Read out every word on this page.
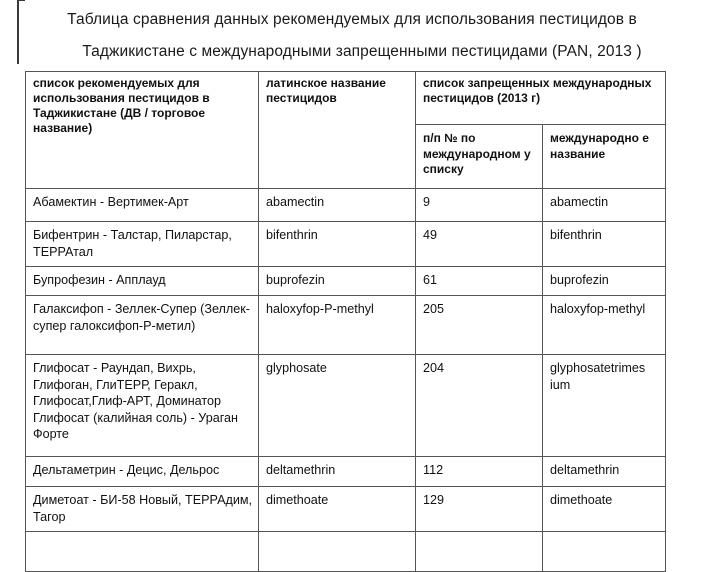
Таблица сравнения данных рекомендуемых для использования пестицидов в
Таджикистане с международными запрещенными пестицидами (PAN, 2013 )
список рекомендуемых для использования пестицидов в Таджикистане (ДВ / торговое название)	латинское название пестицидов	список запрещенных международных пестицидов (2013 г)	
		п/п № по международном у списку	международно е название
Абамектин - Вертимек-Арт	abamectin	9	abamectin
Бифентрин - Талстар, Пиларстар, ТЕРРАтал	bifenthrin	49	bifenthrin
Бупрофезин - Апплауд	buprofezin	61	buprofezin
Галаксифоп - Зеллек-Супер (Зеллек-супер галоксифоп-Р-метил)	haloxyfop-P-methyl	205	haloxyfop-methyl
Глифосат - Раундап, Вихрь, Глифоган, ГлиТЕРР, Геракл, Глифосат,Глиф-АРТ, Доминатор Глифосат (калийная соль) - Ураган Форте	glyphosate	204	glyphosatetrimes ium
Дельтаметрин - Децис, Дельрос	deltamethrin	112	deltamethrin
Диметоат - БИ-58 Новый, ТЕРРАдим, Тагор	dimethoate	129	dimethoate
